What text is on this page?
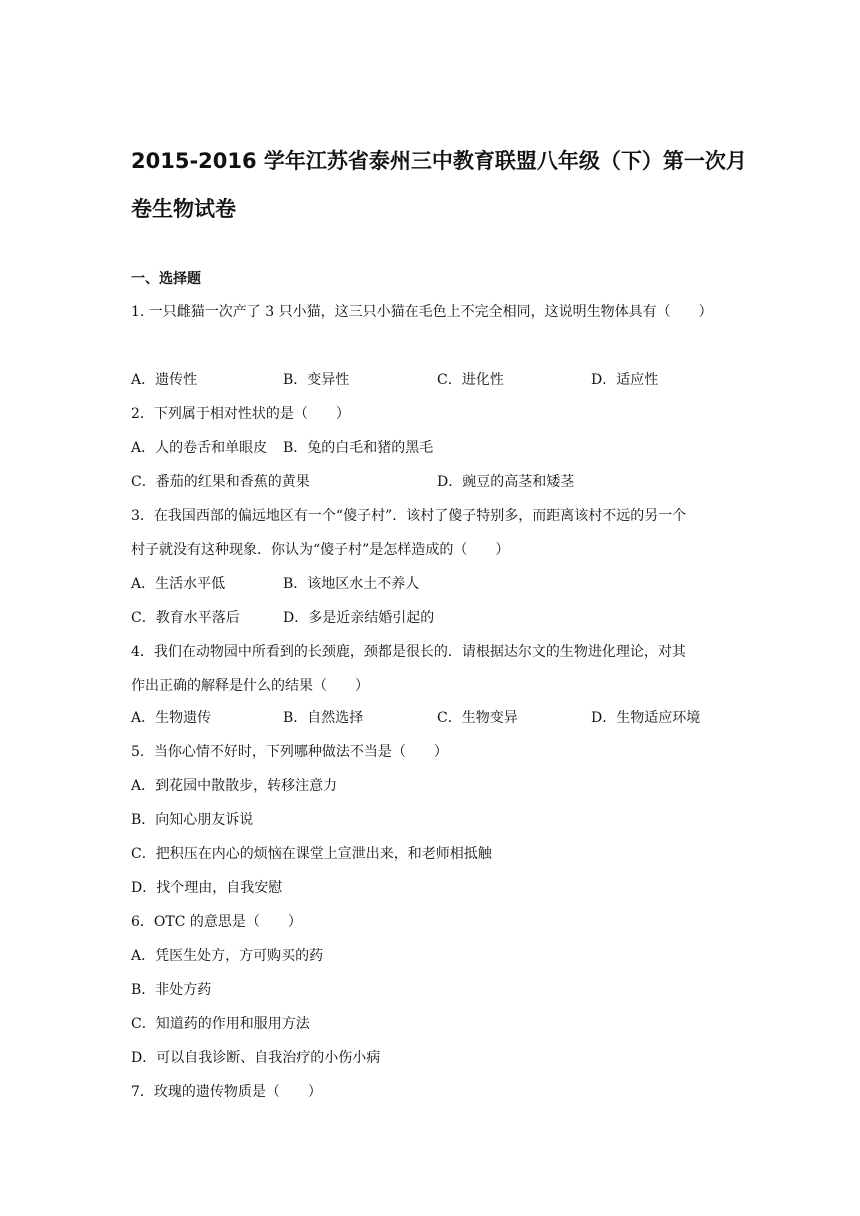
2015-2016 学年江苏省泰州三中教育联盟八年级（下）第一次月
卷生物试卷
一、选择题

1. 一只雌猫一次产了 3 只小猫，这三只小猫在毛色上不完全相同，这说明生物体具有（　　）

A．遗传性	B．变异性	C．进化性	D．适应性

2．下列属于相对性状的是（　　）

A．人的卷舌和单眼皮 B．兔的白毛和猪的黑毛
C．番茄的红果和香蕉的黄果	D．豌豆的高茎和矮茎

3．在我国西部的偏远地区有一个“傻子村”．该村了傻子特别多，而距离该村不远的另一个

村子就没有这种现象．你认为“傻子村”是怎样造成的（　　）

A．生活水平低	B．该地区水土不养人
C．教育水平落后	D．多是近亲结婚引起的

4．我们在动物园中所看到的长颈鹿，颈都是很长的．请根据达尔文的生物进化理论，对其

作出正确的解释是什么的结果（　　）

A．生物遗传	B．自然选择	C．生物变异	D．生物适应环境

5．当你心情不好时，下列哪种做法不当是（　　）

A．到花园中散散步，转移注意力

B．向知心朋友诉说

C．把积压在内心的烦恼在课堂上宣泄出来，和老师相抵触

D．找个理由，自我安慰

6．OTC 的意思是（　　）

A．凭医生处方，方可购买的药

B．非处方药

C．知道药的作用和服用方法

D．可以自我诊断、自我治疗的小伤小病

7．玫瑰的遗传物质是（　　）
